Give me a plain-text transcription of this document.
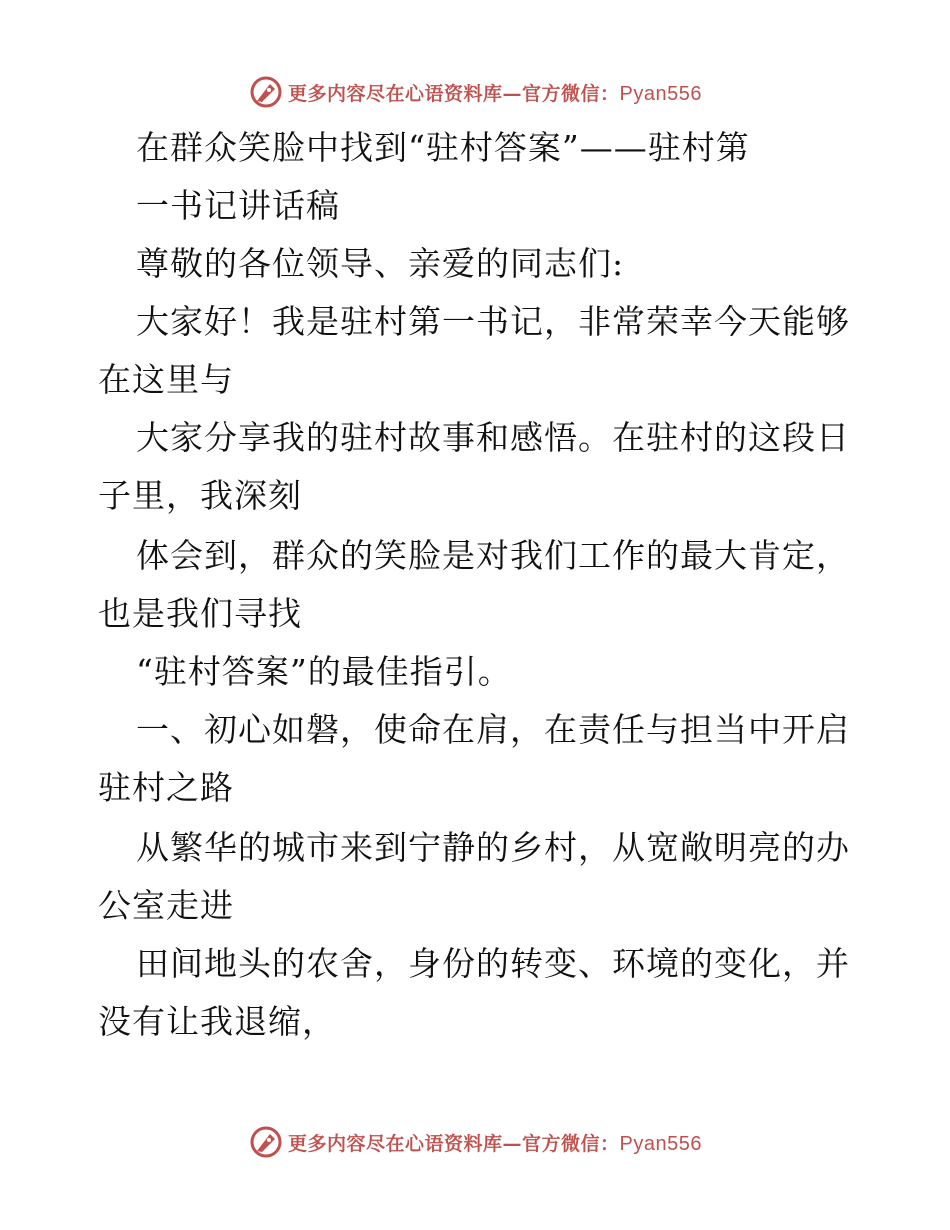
更多内容尽在心语资料库—官方微信：Pyan556
在群众笑脸中找到“驻村答案”——驻村第
一书记讲话稿
尊敬的各位领导、亲爱的同志们:
大家好！我是驻村第一书记，非常荣幸今天能够
在这里与
大家分享我的驻村故事和感悟。在驻村的这段日
子里，我深刻
体会到，群众的笑脸是对我们工作的最大肯定，
也是我们寻找
“驻村答案”的最佳指引。
一、初心如磐，使命在肩，在责任与担当中开启
驻村之路
从繁华的城市来到宁静的乡村，从宽敞明亮的办
公室走进
田间地头的农舍，身份的转变、环境的变化，并
没有让我退缩，
更多内容尽在心语资料库—官方微信：Pyan556
